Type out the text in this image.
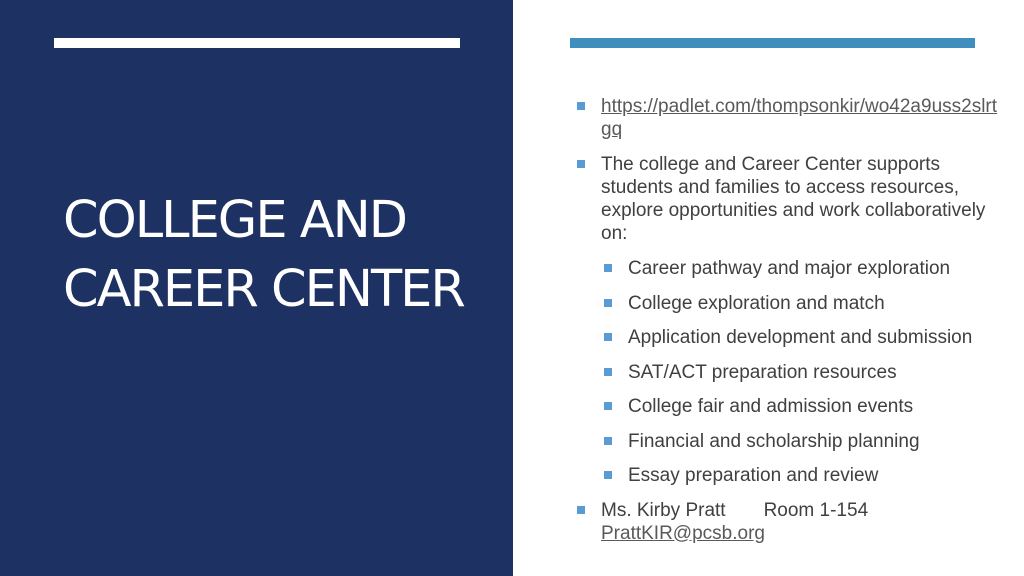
COLLEGE AND CAREER CENTER
https://padlet.com/thompsonkir/wo42a9uss2slrtgq
The college and Career Center supports students and families to access resources, explore opportunities and work collaboratively on:
Career pathway and major exploration
College exploration and match
Application development and submission
SAT/ACT preparation resources
College fair and admission events
Financial and scholarship planning
Essay preparation and review
Ms. Kirby Pratt Room 1-154
PrattKIR@pcsb.org
